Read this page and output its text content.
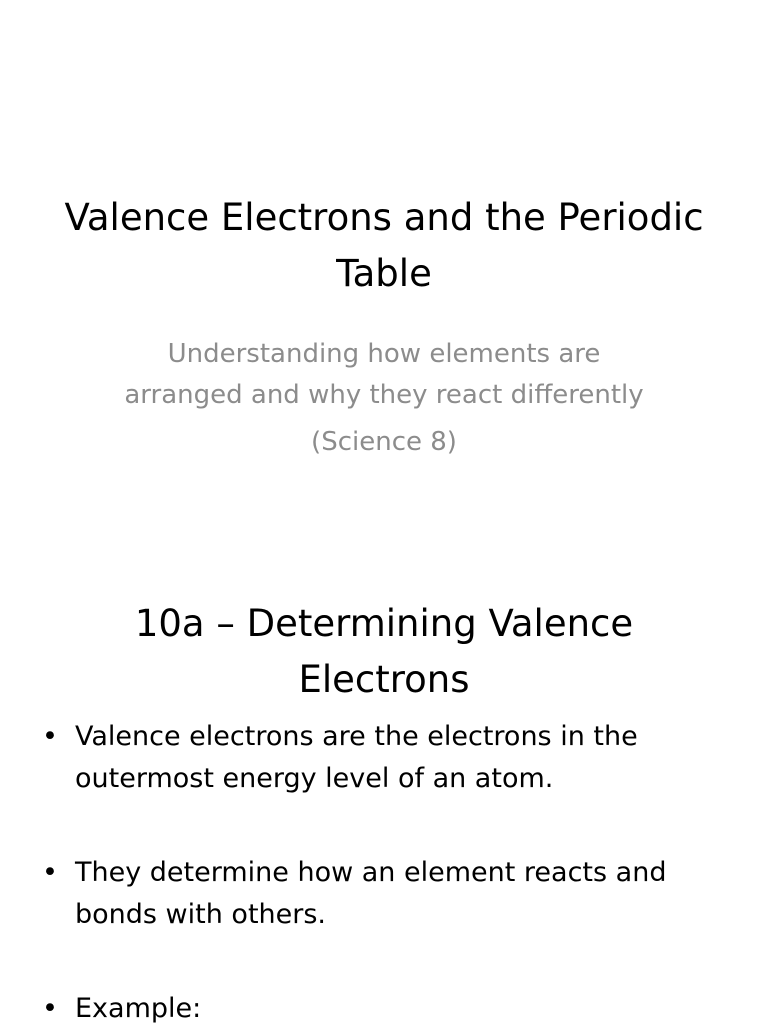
Valence Electrons and the Periodic Table
Understanding how elements are arranged and why they react differently
(Science 8)
10a – Determining Valence Electrons
• Valence electrons are the electrons in the outermost energy level of an atom.
• They determine how an element reacts and bonds with others.
• Example:
